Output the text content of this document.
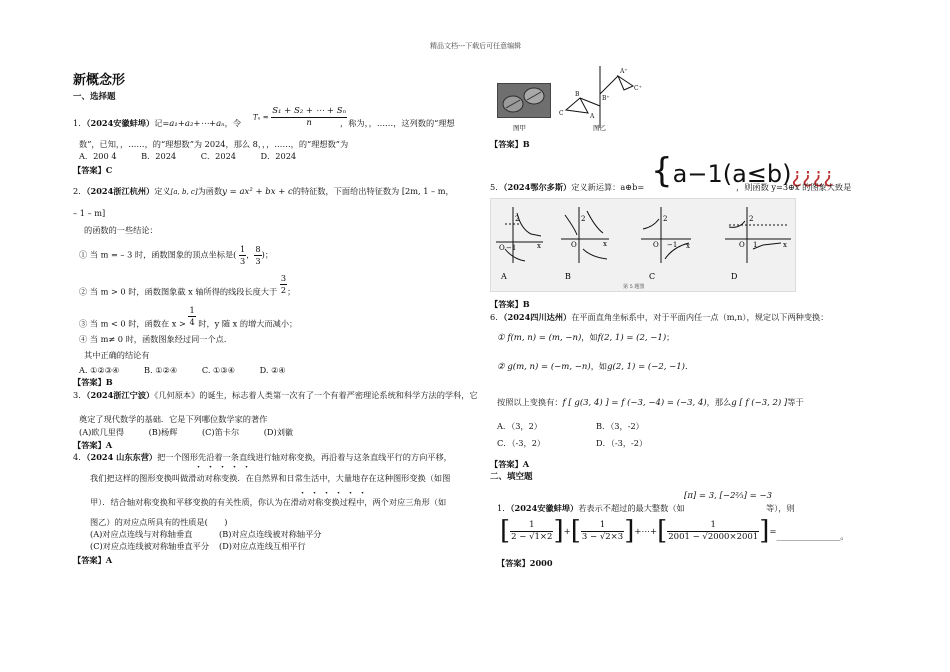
精品文档---下载后可任意编辑
新概念形
一、选择题
1．（2024安徽蚌埠）记=a₁+a₂+⋯+aₙ，令
$T_n = \frac{\text{S₁ + S₂ + ⋯ + Sₙ}}{n}$
，称为，，……，这列数的“理想
数”，已知，，……，的“理想数”为 2024，那么 8，，，……，的“理想数”为
A．200 4　　　B．2024　　　C．2024　　　D．2024
【答案】C
2．（2024浙江杭州）定义[a, b, c]为函数y = ax² + bx + c的特征数，下面给出特征数为 [2m, 1 – m，
– 1 – m]
的函数的一些结论：
① 当 m = – 3 时，函数图象的顶点坐标是( $\frac{1}{3}$ ， $\frac{8}{3}$ )；
② 当 m > 0 时，函数图象截 x 轴所得的线段长度大于 $\frac{3}{2}$ ；
③ 当 m < 0 时，函数在 $x > \frac{1}{4}$ 时，y 随 x 的增大而减小；
④ 当 m≠ 0 时，函数图象经过同一个点．
其中正确的结论有
A. ①②③④　　　B. ①②④　　　C. ①③④　　　D. ②④
【答案】B
3．（2024浙江宁波）《几何原本》的诞生，标志着人类第一次有了一个有着严密理论系统和科学方法的学科，它
奠定了现代数学的基础．它是下列哪位数学家的著作
(A)欧几里得　　　(B)杨辉　　　(C)笛卡尔　　　(D)刘徽
【答案】A
4．（2024 山东东营）把一个图形先沿着一条直线进行轴对称变换，再沿着与这条直线平行的方向平移，
・・・・・
我们把这样的图形变换叫做滑动对称变换．在自然界和日常生活中，大量地存在这种图形变换（如图
・・・・・・
甲）．结合轴对称变换和平移变换的有关性质，你认为在滑动对称变换过程中，两个对应三角形（如
图乙）的对应点所具有的性质是(　　)
(A)对应点连线与对称轴垂直	(B)对应点连线被对称轴平分
(C)对应点连线被对称轴垂直平分 (D)对应点连线互相平行
【答案】A
图甲
C	A
B
A⁺
B⁺
C⁺
图乙
【答案】B
5．（2024鄂尔多斯）定义新运算：a⊕b= {a−1(a≤b)¿¿¿¿
，则函数 y=3⊕x 的图象大致是
2
O −1	x
A
2
O	x
B
2
O −1 x
C
2
O 1	x
D
第 5 题图
【答案】B
6．（2024四川达州）在平面直角坐标系中，对于平面内任一点（m,n），规定以下两种变换：
① f(m, n) = (m, −n)，如f(2, 1) = (2, −1)；
② g(m, n) = (−m, −n)，如g(2, 1) = (−2, −1)．
按照以上变换有：f [ g(3, 4) ] = f (−3, −4) = (−3, 4)，那么g [ f (−3, 2) ]等于
A．（3，2）	B．（3，-2）
C．（-3，2）	D．（-3，-2）
【答案】A
二、填空题
1．（2024安徽蚌埠）若表示不超过的最大整数（如
[π] = 3, [−2⅔] = −3
等），则
[ $\frac{1}{2 - √1\times 2}$ ]+[ $\frac{1}{3 - √2\times 3}$ ]+⋯+[ $\frac{1}{2001 - √2000\times 2001}$ ]=_______________。
【答案】2000
